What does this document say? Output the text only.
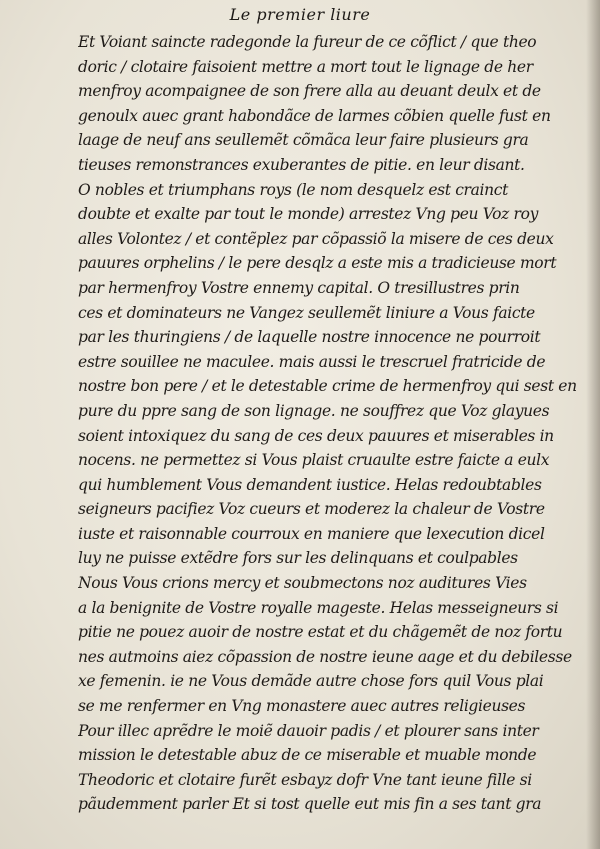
Le premier liure
Et Voiant saincte radegonde la fureur de ce cõflict / que theo
doric / clotaire faisoient mettre a mort tout le lignage de her
menfroy acompaignee de son frere alla au deuant deulx et de
genoulx auec grant habondãce de larmes cõbien quelle fust en
laage de neuf ans seullemẽt cõmãca leur faire plusieurs gra
tieuses remonstrances exuberantes de pitie. en leur disant.
O nobles et triumphans roys (le nom desquelz est crainct
doubte et exalte par tout le monde) arrestez Vng peu Voz roy
alles Volontez / et contẽplez par cõpassiõ la misere de ces deux
pauures orphelins / le pere desqlz a este mis a tradicieuse mort
par hermenfroy Vostre ennemy capital. O tresillustres prin
ces et dominateurs ne Vangez seullemẽt liniure a Vous faicte
par les thuringiens / de laquelle nostre innocence ne pourroit
estre souillee ne maculee. mais aussi le trescruel fratricide de
nostre bon pere / et le detestable crime de hermenfroy qui sest en
pure du ppre sang de son lignage. ne souffrez que Voz glayues
soient intoxiquez du sang de ces deux pauures et miserables in
nocens. ne permettez si Vous plaist cruaulte estre faicte a eulx
qui humblement Vous demandent iustice. Helas redoubtables
seigneurs pacifiez Voz cueurs et moderez la chaleur de Vostre
iuste et raisonnable courroux en maniere que lexecution dicel
luy ne puisse extẽdre fors sur les delinquans et coulpables
Nous Vous crions mercy et soubmectons noz auditures Vies
a la benignite de Vostre royalle mageste. Helas messeigneurs si
pitie ne pouez auoir de nostre estat et du chãgemẽt de noz fortu
nes autmoins aiez cõpassion de nostre ieune aage et du debilesse
xe femenin. ie ne Vous demãde autre chose fors quil Vous plai
se me renfermer en Vng monastere auec autres religieuses
Pour illec aprẽdre le moiẽ dauoir padis / et plourer sans inter
mission le detestable abuz de ce miserable et muable monde
Theodoric et clotaire furẽt esbayz dofr Vne tant ieune fille si
pãudemment parler Et si tost quelle eut mis fin a ses tant gra
